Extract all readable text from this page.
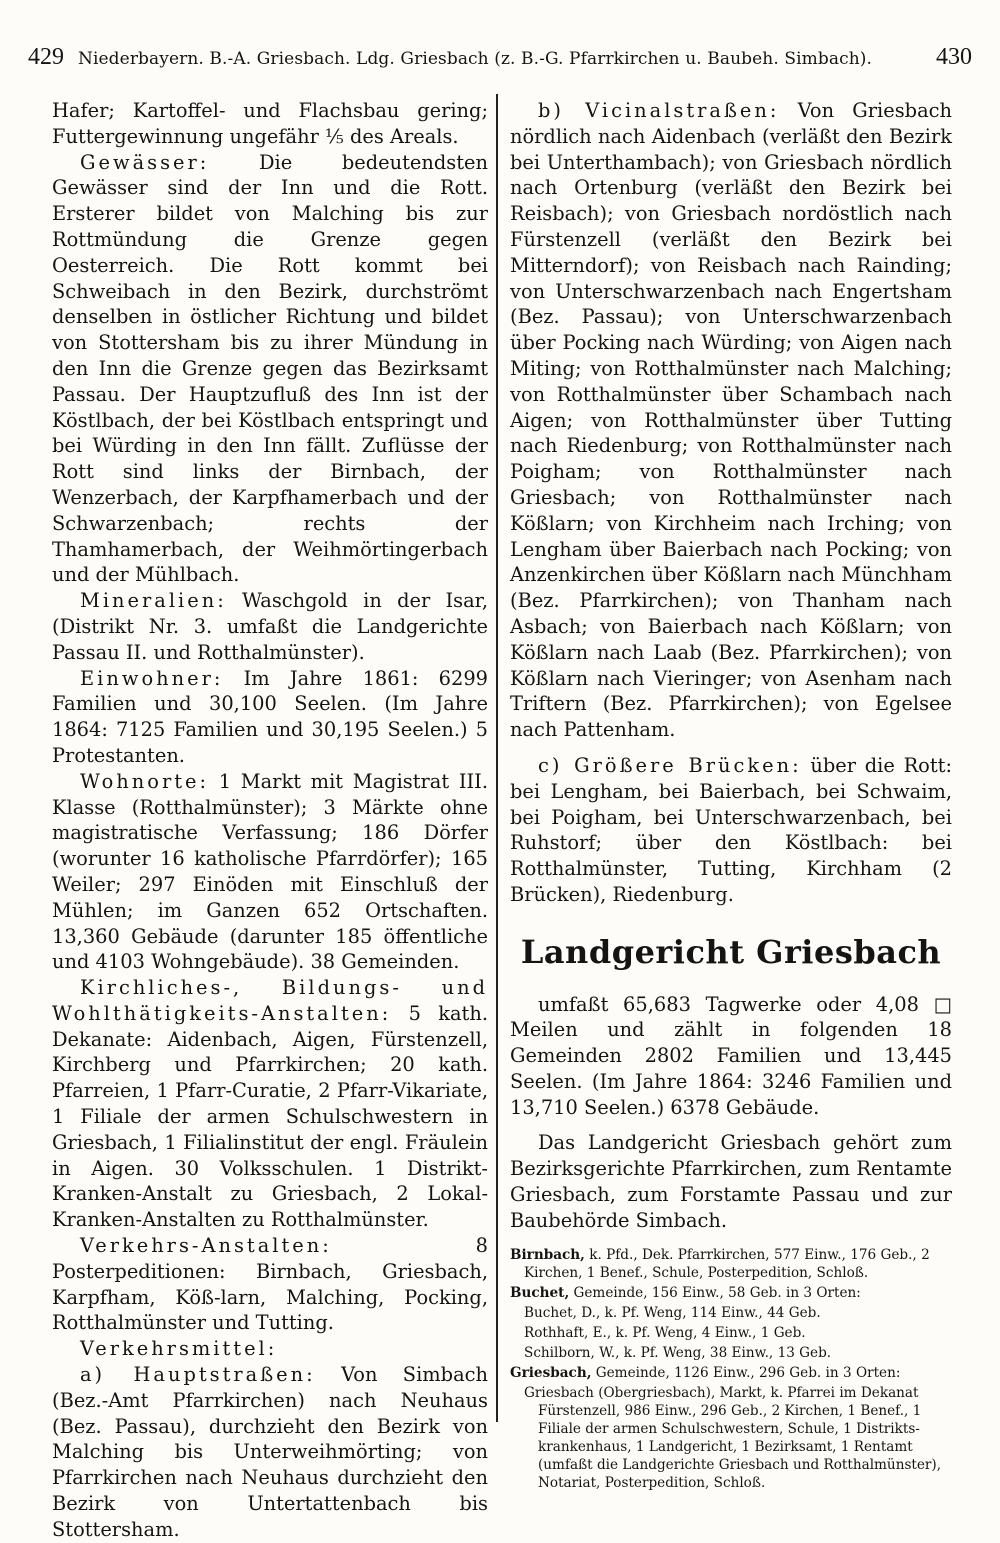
429 Niederbayern. B.-A. Griesbach. Ldg. Griesbach (z. B.-G. Pfarrkirchen u. Baubeh. Simbach).	430

Hafer; Kartoffel- und Flachsbau gering; Futtergewinnung ungefähr ⅕ des Areals.

Gewässer:	Die bedeutendsten Gewässer sind der Inn und die Rott. Ersterer bildet von Malching bis zur Rottmündung die Grenze gegen Oesterreich. Die Rott kommt bei Schweibach in den Bezirk, durchströmt denselben in östlicher Richtung und bildet von Stottersham bis zu ihrer Mündung in den Inn die Grenze gegen das Bezirksamt Passau. Der Hauptzufluß des Inn ist der Köstlbach, der bei Köstlbach entspringt und bei Würding in den Inn fällt. Zuflüsse der Rott sind links der Birnbach, der Wenzerbach, der Karpfhamerbach und der Schwarzenbach; rechts der Thamhamerbach, der Weihmörtingerbach und der Mühlbach.

Mineralien: Waschgold in der Isar, (Distrikt Nr. 3. umfaßt die Landgerichte Passau II. und Rotthalmünster).

Einwohner: Im Jahre 1861: 6299 Familien und 30,100 Seelen. (Im Jahre 1864: 7125 Familien und 30,195 Seelen.) 5 Protestanten.

Wohnorte: 1 Markt mit Magistrat III. Klasse (Rotthalmünster); 3 Märkte ohne magistratische Verfassung; 186 Dörfer (worunter 16 katholische Pfarrdörfer); 165 Weiler; 297 Einöden mit Einschluß der Mühlen; im Ganzen 652 Ortschaften. 13,360 Gebäude (darunter 185 öffentliche und 4103 Wohngebäude). 38 Gemeinden.

Kirchliches-, Bildungs- und Wohlthätigkeits-Anstalten: 5 kath. Dekanate: Aidenbach, Aigen, Fürstenzell, Kirchberg und Pfarrkirchen; 20 kath. Pfarreien, 1 Pfarr-Curatie, 2 Pfarr-Vikariate, 1 Filiale der armen Schulschwestern in Griesbach, 1 Filialinstitut der engl. Fräulein in Aigen. 30 Volksschulen. 1 Distrikt-Kranken-Anstalt zu Griesbach, 2 Lokal-Kranken-Anstalten zu Rotthalmünster.

Verkehrs-Anstalten:	8 Posterpeditionen: Birnbach, Griesbach, Karpfham, Köß-larn, Malching, Pocking, Rotthalmünster und Tutting.

Verkehrsmittel:

a) Hauptstraßen: Von Simbach (Bez.-Amt Pfarrkirchen) nach Neuhaus (Bez. Passau), durchzieht den Bezirk von Malching bis Unterweihmörting; von Pfarrkirchen nach Neuhaus durchzieht den Bezirk von Untertattenbach bis Stottersham.

b) Vicinalstraßen: Von Griesbach nördlich nach Aidenbach (verläßt den Bezirk bei Unterthambach); von Griesbach nördlich nach Ortenburg (verläßt den Bezirk bei Reisbach); von Griesbach nordöstlich nach Fürstenzell (verläßt den Bezirk bei Mitterndorf); von Reisbach nach Rainding; von Unterschwarzenbach nach Engertsham (Bez. Passau); von Unterschwarzenbach über Pocking nach Würding; von Aigen nach Miting; von Rotthalmünster nach Malching; von Rotthalmünster über Schambach nach Aigen; von Rotthalmünster über Tutting nach Riedenburg; von Rotthalmünster nach Poigham; von Rotthalmünster nach Griesbach; von Rotthalmünster nach Kößlarn; von Kirchheim nach Irching; von Lengham über Baierbach nach Pocking; von Anzenkirchen über Kößlarn nach Münchham (Bez. Pfarrkirchen); von Thanham nach Asbach; von Baierbach nach Kößlarn; von Kößlarn nach Laab (Bez. Pfarrkirchen); von Kößlarn nach Vieringer; von Asenham nach Triftern (Bez. Pfarrkirchen); von Egelsee nach Pattenham.

c) Größere Brücken: über die Rott: bei Lengham, bei Baierbach, bei Schwaim, bei Poigham, bei Unterschwarzenbach, bei Ruhstorf; über den Köstlbach: bei Rotthalmünster, Tutting, Kirchham (2 Brücken), Riedenburg.

Landgericht Griesbach

umfaßt 65,683 Tagwerke oder 4,08 □ Meilen und zählt in folgenden 18 Gemeinden 2802 Familien und 13,445 Seelen. (Im Jahre 1864: 3246 Familien und 13,710 Seelen.) 6378 Gebäude.

Das Landgericht Griesbach gehört zum Bezirksgerichte Pfarrkirchen, zum Rentamte Griesbach, zum Forstamte Passau und zur Baubehörde Simbach.

Birnbach, k. Pfd., Dek. Pfarrkirchen, 577 Einw., 176 Geb., 2 Kirchen, 1 Benef., Schule, Posterpedition, Schloß.

Buchet, Gemeinde, 156 Einw., 58 Geb. in 3 Orten:

Buchet, D., k. Pf. Weng, 114 Einw., 44 Geb.

Rothhaft, E., k. Pf. Weng, 4 Einw., 1 Geb.

Schilborn, W., k. Pf. Weng, 38 Einw., 13 Geb.

Griesbach, Gemeinde, 1126 Einw., 296 Geb. in 3 Orten:

Griesbach (Obergriesbach), Markt, k. Pfarrei im Dekanat Fürstenzell, 986 Einw., 296 Geb., 2 Kirchen, 1 Benef., 1 Filiale der armen Schulschwestern, Schule, 1 Distrikts-krankenhaus, 1 Landgericht, 1 Bezirksamt, 1 Rentamt (umfaßt die Landgerichte Griesbach und Rotthalmünster), Notariat, Posterpedition, Schloß.
